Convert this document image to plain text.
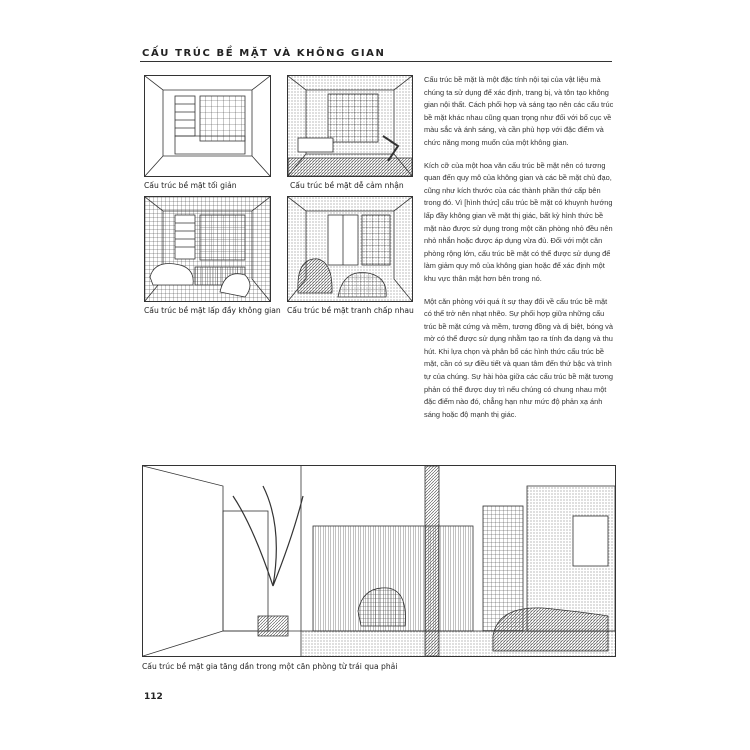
CẤU TRÚC BỀ MẶT VÀ KHÔNG GIAN
Cấu trúc bề mặt tối giản	Cấu trúc bề mặt dễ cảm nhận
Cấu trúc bề mặt lấp đầy không gian Cấu trúc bề mặt tranh chấp nhau

Cấu trúc bề mặt là một đặc tính nội tại của vật liệu mà chúng ta sử dụng để xác định, trang bị, và tôn tạo không gian nội thất. Cách phối hợp và sáng tạo nên các cấu trúc bề mặt khác nhau cũng quan trọng như đối với bố cục về màu sắc và ánh sáng, và cần phù hợp với đặc điểm và chức năng mong muốn của một không gian.

Kích cỡ của một hoa văn cấu trúc bề mặt nên có tương quan đến quy mô của không gian và các bề mặt chủ đạo, cũng như kích thước của các thành phần thứ cấp bên trong đó. Vì [hình thức] cấu trúc bề mặt có khuynh hướng lấp đầy không gian về mặt thị giác, bất kỳ hình thức bề mặt nào được sử dụng trong một căn phòng nhỏ đều nên nhỏ nhắn hoặc được áp dụng vừa đủ. Đối với một căn phòng rộng lớn, cấu trúc bề mặt có thể được sử dụng để làm giảm quy mô của không gian hoặc để xác định một khu vực thân mật hơn bên trong nó.

Một căn phòng với quá ít sự thay đổi về cấu trúc bề mặt có thể trở nên nhạt nhẽo. Sự phối hợp giữa những cấu trúc bề mặt cứng và mềm, tương đồng và dị biệt, bóng và mờ có thể được sử dụng nhằm tạo ra tính đa dạng và thu hút. Khi lựa chọn và phân bổ các hình thức cấu trúc bề mặt, cần có sự điều tiết và quan tâm đến thứ bậc và trình tự của chúng. Sự hài hòa giữa các cấu trúc bề mặt tương phản có thể được duy trì nếu chúng có chung nhau một đặc điểm nào đó, chẳng hạn như mức độ phản xạ ánh sáng hoặc độ mạnh thị giác.

Cấu trúc bề mặt gia tăng dần trong một căn phòng từ trái qua phải
112
